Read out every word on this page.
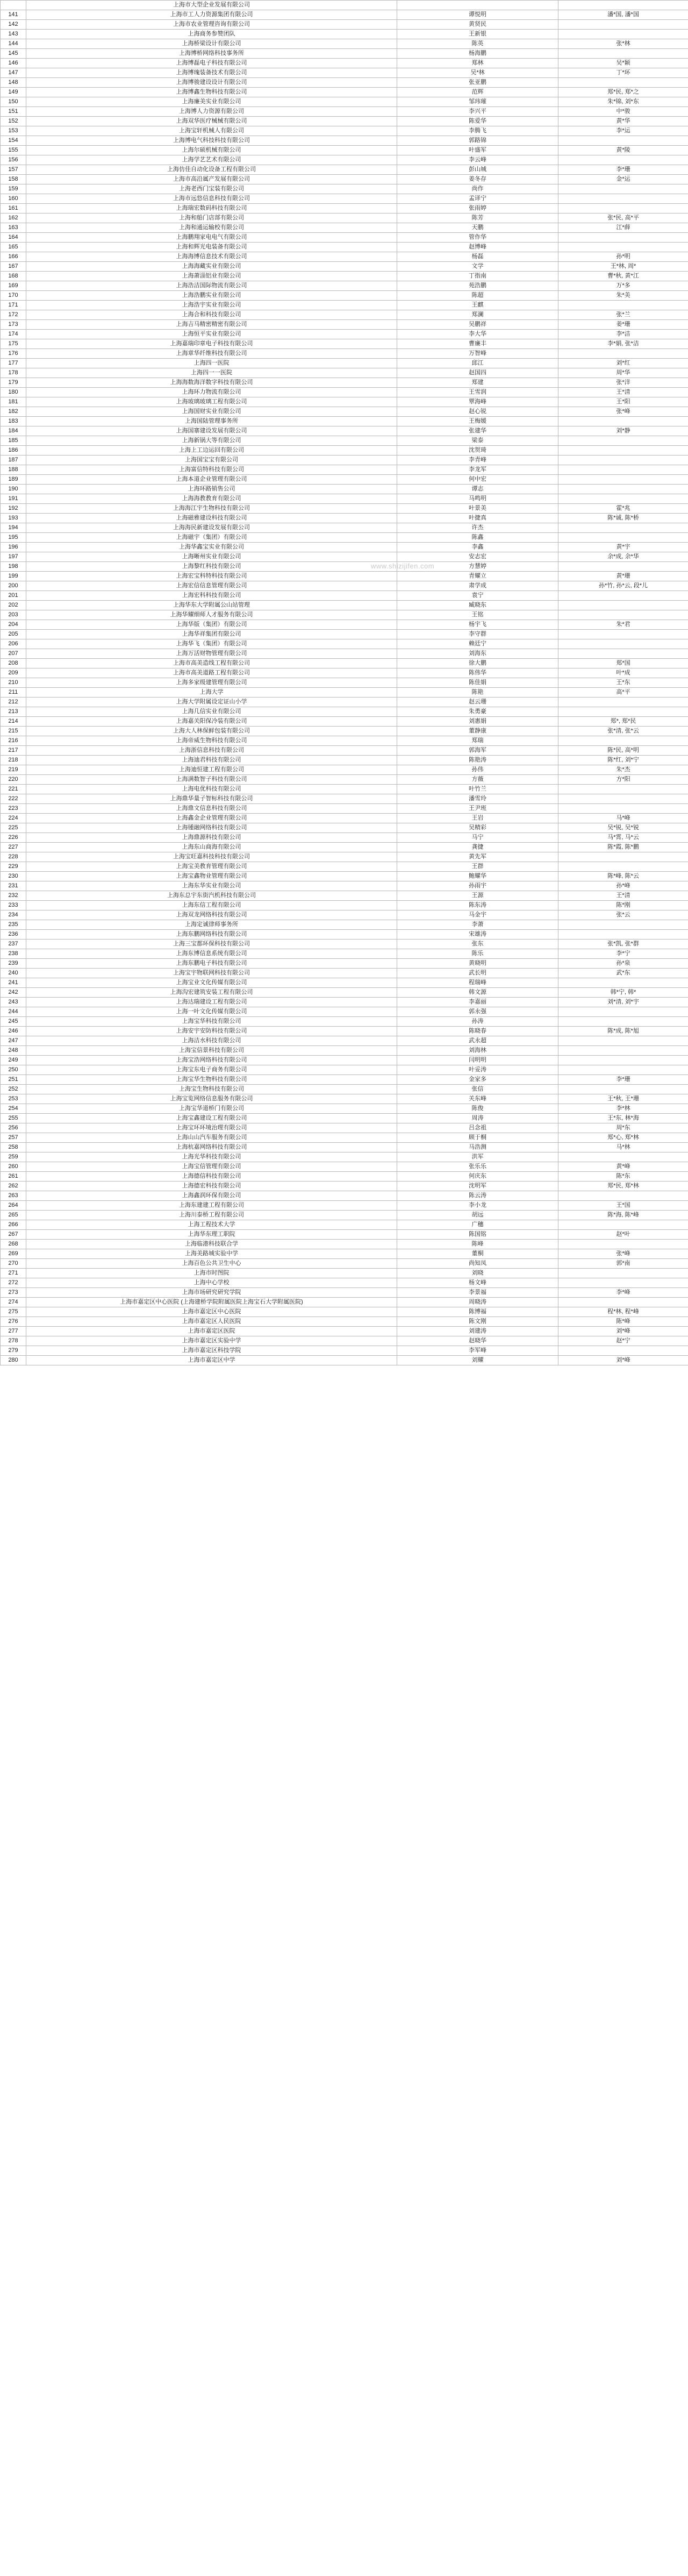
www.shizijifen.com
	上海市大型企业发展有限公司		
141	上海市工人力资源集团有限公司	谭悦明	潘*国, 潘*国
142	上海市农业管理咨询有限公司	黄贤民	
143	上海商务参赞团队	王新银	
144	上海桥梁设计有限公司	陈英	张*林
145	上海博桥网络科技事务所	杨海鹏	
146	上海博磊电子科技有限公司	郑林	吴*颖
147	上海博瑰装备技术有限公司	吴*林	丁*环
148	上海博骏建设设计有限公司	张亚鹏	
149	上海博鑫生物科技有限公司	范辉	郑*民, 郑*之
150	上海廉美实业有限公司	邹玮璀	朱*锦, 刘*东
151	上海博人力资源有限公司	李兴平	中*骏
152	上海双华医疗械械有限公司	陈爱华	黄*华
153	上海宝轩机械人有限公司	李腾飞	李*运
154	上海博电气科技科技有限公司	郭路锦	
155	上海尔硕机械有限公司	叶盛军	黄*陵
156	上海学艺艺术有限公司	李云峰	
157	上海仿佳自动化设备工程有限公司	彭山城	李*珊
158	上海市高沿属产发展有限公司	姜冬存	金*运
159	上海老西门宝装有限公司	尚作	
160	上海市远悠信息科技有限公司	孟译宁	
161	上海瑞宏数码科技有限公司	张雨婷	
162	上海和船门店部有限公司	陈芳	张*民, 高*平
163	上海和通运输校有限公司	天鹏	江*薛
164	上海鹏翔家电电气有限公司	管作华	
165	上海和辉光电装备有限公司	赵博峰	
166	上海海博信息技术有限公司	杨磊	孙*明
167	上海海藏实业有限公司	文学	王*林, 周*
168	上海萧淄铝业有限公司	丁指南	曹*秋, 黄*江
169	上海浩洁国际物流有限公司	苑浩鹏	万*多
170	上海浩鹏实业有限公司	陈超	朱*美
171	上海浩宇实业有限公司	王麒	
172	上海合和科技有限公司	郑澜	张*兰
173	上海吉马精密精密有限公司	吴鹏祥	姜*珊
174	上海恒平实业有限公司	李大华	李*洁
175	上海嘉瑞印章电子科技有限公司	曹廉丰	李*娟, 张*洁
176	上海章华纤维科技有限公司	万智峰	
177	上海四一医院	邱江	刘*红
178	上海四一一医院	赵国四	周*华
179	上海海数海洋数字科技有限公司	郑建	张*洋
180	上海环力物流有限公司	王雪润	王*清
181	上海玻璃玻璃工程有限公司	覃海峰	王*阳
182	上海国财实业有限公司	赵心锐	张*峰
183	上海国陆管理事务所	王梅媛	
184	上海国寨建设发展有限公司	张建华	刘*静
185	上海新锅大等有限公司	梁泰	
186	上海上工边运回有限公司	沈贺琦	
187	上海国宝宝有限公司	李青峰	
188	上海富信特科技有限公司	李龙军	
189	上海本道企业管理有限公司	何中宏	
190	上海环路销售公司	谭志	
191	上海海教教育有限公司	马鸣明	
192	上海海江宇生物科技有限公司	叶景美	霍*兆
193	上海磁雅建设科技有限公司	叶捷真	陈*诚, 陈*桥
194	上海海民新建设发展有限公司	许杰	
195	上海磁宇（集团）有限公司	陈鑫	
196	上海华鑫宝实业有限公司	李鑫	黄*宇
197	上海晰州实业有限公司	安志宏	余*成, 余*华
198	上海黎红科技有限公司	方慧婷	
199	上海宏宝科特科技有限公司	青耀立	黄*珊
200	上海宏信信息管理有限公司	肃学成	孙*竹, 孙*云, 段*儿
201	上海宏科科技有限公司	袁宁	
202	上海华东大学附属公山站管理	臧晓东	
203	上海华耀细师人才服务有限公司	王铭	
204	上海华版（集团）有限公司	杨宇飞	朱*君
205	上海华祥集团有限公司	李守群	
206	上海华飞（集团）有限公司	赖廷宁	
207	上海万活财物管理有限公司	刘海东	
208	上海市高美造线工程有限公司	徐大鹏	郑*国
209	上海市高美道路工程有限公司	陈伟华	叶*成
210	上海多家级建管理有限公司	陈佳娟	王*东
211	上海大学	陈艳	高*平
212	上海大学附属设定证山小学	赵云珊	
213	上海几信实业有限公司	朱勇豪	
214	上海嘉关阳保冷装有限公司	刘惠娟	郑*, 郑*民
215	上海大人林保鲜包装有限公司	董静康	张*清, 张*云
216	上海帝威生物科技有限公司	郑瑞	
217	上海浙信息科技有限公司	郭海军	陈*民, 高*明
218	上海迪君科技有限公司	陈艳涛	陈*红, 刘*宁
219	上海迪恒建工程有限公司	孙伟	朱*杰
220	上海满数智子科技有限公司	方薇	方*阳
221	上海电优科技有限公司	叶竹兰	
222	上海鼎华量子智标科技有限公司	潘雪玲	
223	上海鼎文信息科技有限公司	王尹班	
224	上海鑫金企业管理有限公司	王岩	马*峰
225	上海锺融网络科技有限公司	吴精彩	吴*锐, 吴*锐
226	上海鼎源科技有限公司	马宁	马*霄, 马*云
227	上海东山商海有限公司	龚捷	陈*霞, 陈*鹏
228	上海宝旺嘉科技科技有限公司	黄先军	
229	上海宝美教育管理有限公司	王群	
230	上海宝鑫物业管理有限公司	鲍耀华	陈*峰, 陈*云
231	上海东华实业有限公司	孙雨宇	孙*峰
232	上海东总宇东街汽机科技有限公司	王源	王*清
233	上海东信工程有限公司	陈东涛	陈*刚
234	上海双龙网络科技有限公司	马金宇	张*云
235	上海定诚律师事务所	李萧	
236	上海东鹏网络科技有限公司	宋雄涛	
237	上海三宝都环保科技有限公司	张东	张*凯, 张*群
238	上海东博信息系统有限公司	陈乐	李*宁
239	上海东鹏电子科技有限公司	黄晓明	孙*泉
240	上海宝宇物联网科技有限公司	武长明	武*东
241	上海宝业文化传媒有限公司	程瑞峰	
242	上海沟宏建筑安装工程有限公司	韩文源	韩*宁, 韩*
243	上海达瑞建设工程有限公司	李嘉丽	刘*清, 刘*宇
244	上海一叶文化传媒有限公司	郭永强	
245	上海宝华科技有限公司	孙涛	
246	上海安宇安防科技有限公司	陈晓春	陈*成, 陈*旭
247	上海洁水科技有限公司	武永超	
248	上海宝信景科技有限公司	刘海林	
249	上海宝浩网络科技有限公司	闫明明	
250	上海宝东电子商务有限公司	叶妥涛	
251	上海宝华生物科技有限公司	金家多	李*珊
252	上海宝生物科技有限公司	张信	
253	上海宝览网络信息服务有限公司	关东峰	王*秋, 王*珊
254	上海宝华道桥门有限公司	陈俊	李*林
255	上海宝鑫建设工程有限公司	周涛	王*东, 林*海
256	上海宝环环境治理有限公司	吕念祖	周*东
257	上海山山汽车服务有限公司	顾于桐	郑*心, 郑*林
258	上海杭嘉网络科技有限公司	马浩测	马*林
259	上海光华科技有限公司	洪军	
260	上海宝信管理有限公司	张乐乐	黄*峰
261	上海德信科技有限公司	何庆东	陈*东
262	上海德宏科技有限公司	沈明军	郑*民, 郑*林
263	上海鑫润环保有限公司	陈云涛	
264	上海东建建工程有限公司	李小龙	王*国
265	上海川泰桥工程有限公司	胡远	陈*海, 陈*峰
266	上海工程技术大学	广穗	
267	上海华东理工职院	陈国铭	赵*叶
268	上海临港科技联合学	陈峰	
269	上海美路城实验中学	董桐	张*峰
270	上海百色公共卫生中心	尚知凤	郭*南
271	上海市时图院	刘晓	
272	上海中心学校	杨文峰	
273	上海市场研究研究学院	李景福	李*峰
274	上海市嘉定区中心医院 (上海建桥学院附属医院上海宝石大学附属医院)	周晓涛	
275	上海市嘉定区中心医院	陈博福	程*林, 程*峰
276	上海市嘉定区人民医院	陈文刚	陈*峰
277	上海市嘉定区医院	刘建涛	刘*峰
278	上海市嘉定区实验中学	赵晓华	赵*宁
279	上海市嘉定区科技学院	李军峰	
280	上海市嘉定区中学	刘耀	刘*峰
